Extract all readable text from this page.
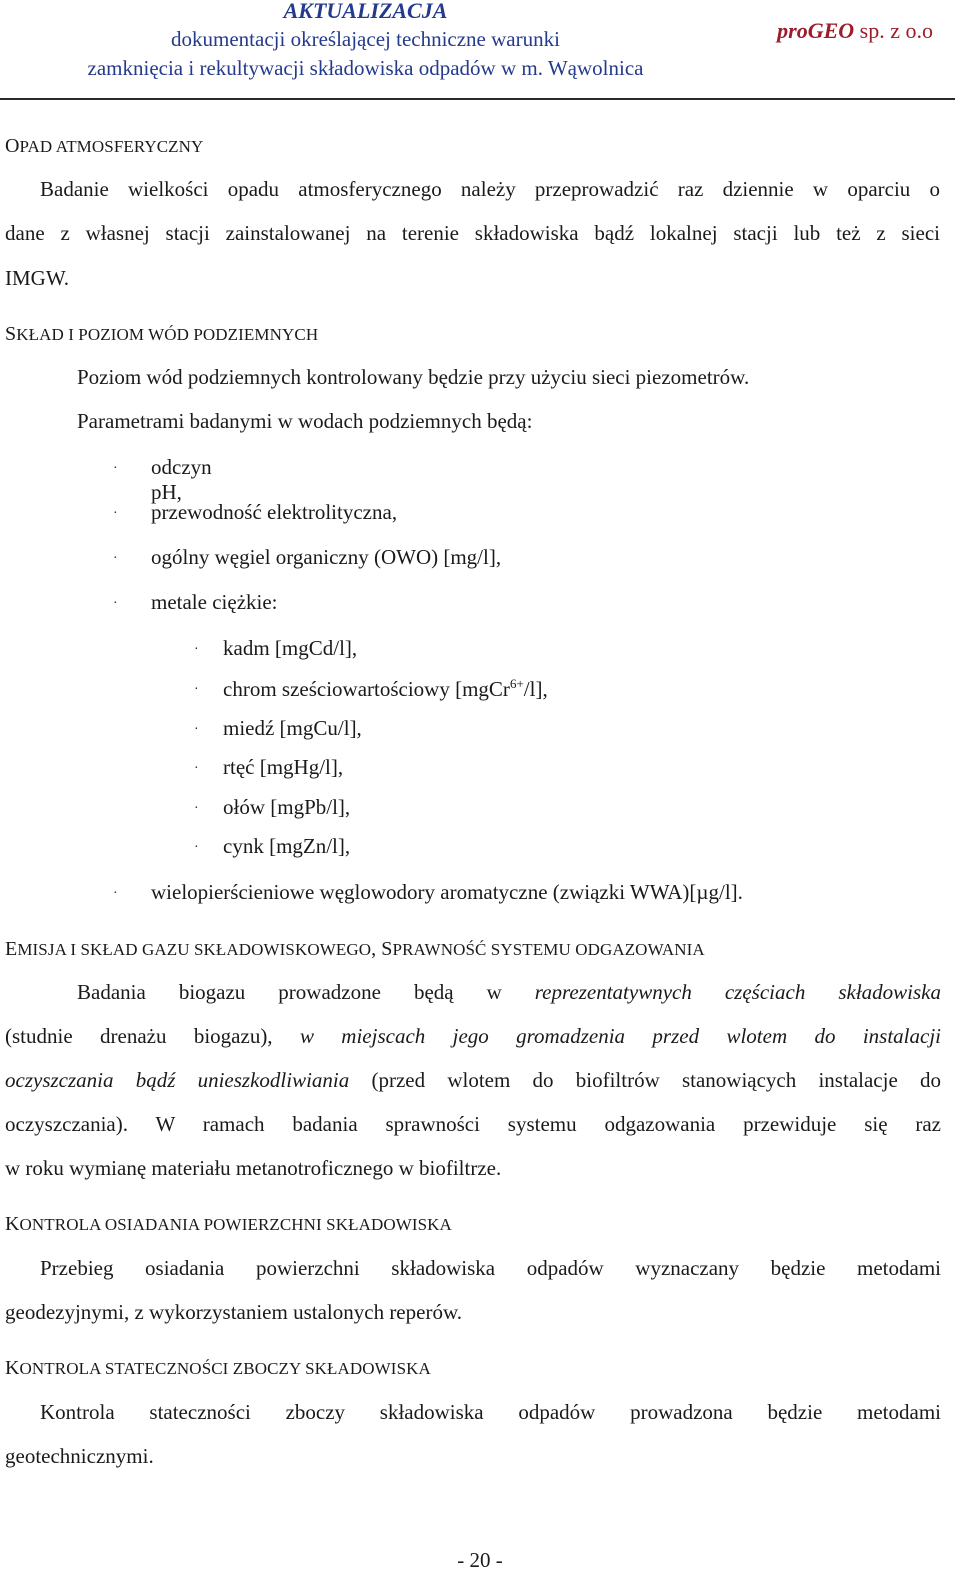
AKTUALIZACJA
dokumentacji określającej techniczne warunki
zamknięcia i rekultywacji składowiska odpadów w m. Wąwolnica
proGEO sp. z o.o
OPAD ATMOSFERYCZNY
Badanie wielkości opadu atmosferycznego należy przeprowadzić raz dziennie w oparciu o
dane z własnej stacji zainstalowanej na terenie składowiska bądź lokalnej stacji lub też z sieci
IMGW.
SKŁAD I POZIOM WÓD PODZIEMNYCH
Poziom wód podziemnych kontrolowany będzie przy użyciu sieci piezometrów.
Parametrami badanymi w wodach podziemnych będą:
· odczyn pH,
· przewodność elektrolityczna,
· ogólny węgiel organiczny (OWO) [mg/l],
· metale ciężkie:
· kadm [mgCd/l],
· chrom sześciowartościowy [mgCr$^{6+}$/l],
· miedź [mgCu/l],
· rtęć [mgHg/l],
· ołów [mgPb/l],
· cynk [mgZn/l],
· wielopierścieniowe węglowodory aromatyczne (związki WWA)[µg/l].
EMISJA I SKŁAD GAZU SKŁADOWISKOWEGO, SPRAWNOŚĆ SYSTEMU ODGAZOWANIA
Badania biogazu prowadzone będą w reprezentatywnych częściach składowiska
(studnie drenażu biogazu), w miejscach jego gromadzenia przed wlotem do instalacji
oczyszczania bądź unieszkodliwiania (przed wlotem do biofiltrów stanowiących instalacje do
oczyszczania). W ramach badania sprawności systemu odgazowania przewiduje się raz
w roku wymianę materiału metanotroficznego w biofiltrze.
KONTROLA OSIADANIA POWIERZCHNI SKŁADOWISKA
Przebieg osiadania powierzchni składowiska odpadów wyznaczany będzie metodami
geodezyjnymi, z wykorzystaniem ustalonych reperów.
KONTROLA STATECZNOŚCI ZBOCZY SKŁADOWISKA
Kontrola stateczności zboczy składowiska odpadów prowadzona będzie metodami
geotechnicznymi.
- 20 -
